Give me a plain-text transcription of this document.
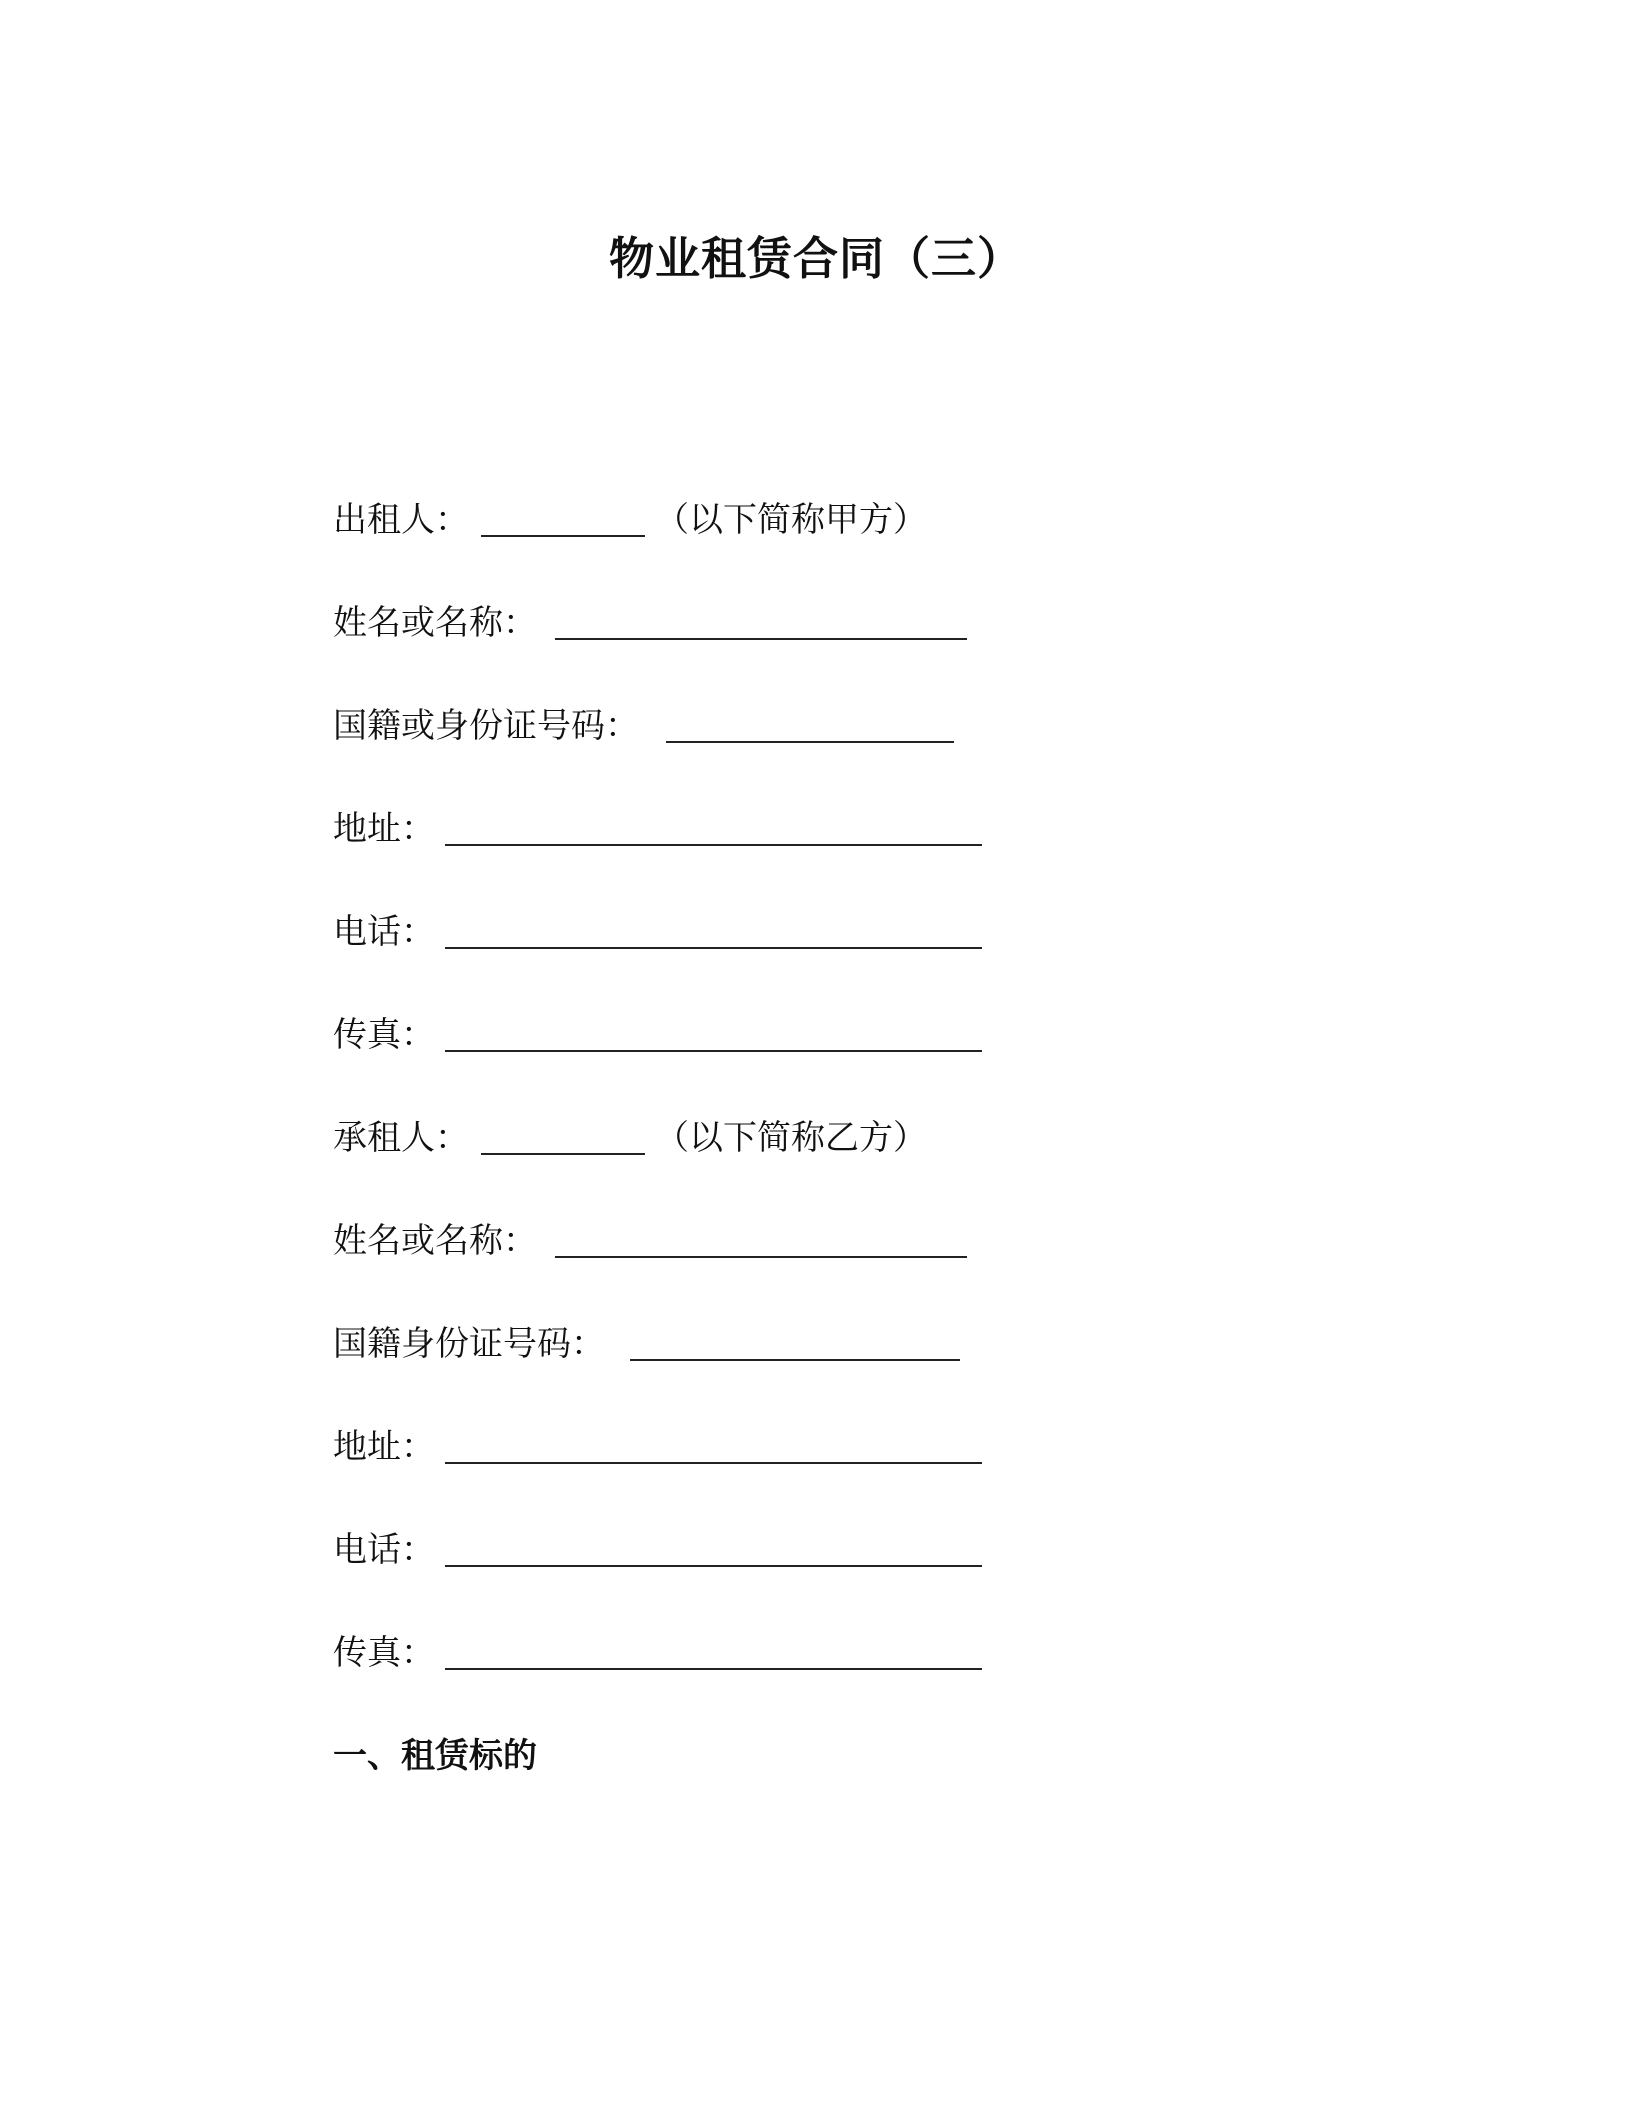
物业租赁合同（三）
出租人：	（以下简称甲方）
姓名或名称：
国籍或身份证号码：
地址：
电话：
传真：
承租人：	（以下简称乙方）
姓名或名称：
国籍身份证号码：
地址：
电话：
传真：
一、租赁标的
